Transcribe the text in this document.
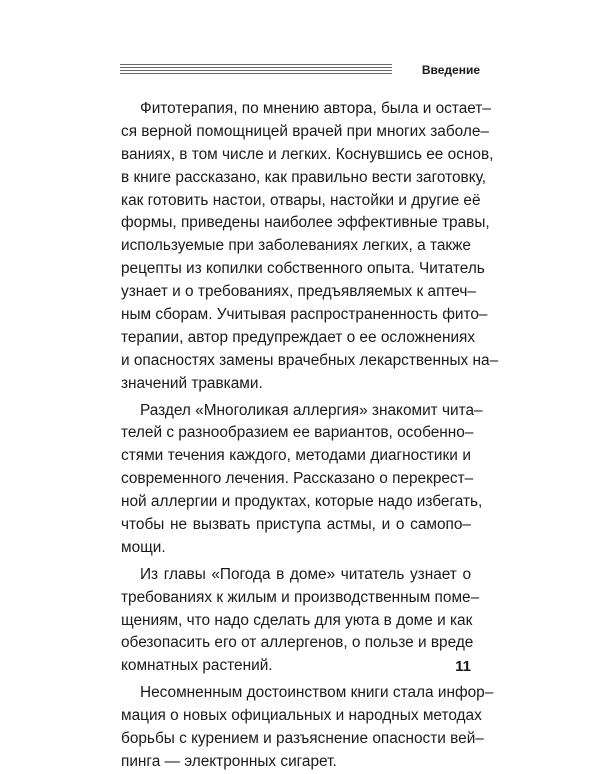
Введение
Фитотерапия, по мнению автора, была и остает–
ся верной помощницей врачей при многих заболе–
ваниях, в том числе и легких. Коснувшись ее основ,
в книге рассказано, как правильно вести заготовку,
как готовить настои, отвары, настойки и другие её
формы, приведены наиболее эффективные травы,
используемые при заболеваниях легких, а также
рецепты из копилки собственного опыта. Читатель
узнает и о требованиях, предъявляемых к аптеч–
ным сборам. Учитывая распространенность фито–
терапии, автор предупреждает о ее осложнениях
и опасностях замены врачебных лекарственных на–
значений травками.
Раздел «Многоликая аллергия» знакомит чита–
телей с разнообразием ее вариантов, особенно–
стями течения каждого, методами диагностики и
современного лечения. Рассказано о перекрест–
ной аллергии и продуктах, которые надо избегать,
чтобы не вызвать приступа астмы, и о самопо–
мощи.
Из главы «Погода в доме» читатель узнает о
требованиях к жилым и производственным поме–
щениям, что надо сделать для уюта в доме и как
обезопасить его от аллергенов, о пользе и вреде
комнатных растений.
Несомненным достоинством книги стала инфор–
мация о новых официальных и народных методах
борьбы с курением и разъяснение опасности вей–
пинга — электронных сигарет.
11
